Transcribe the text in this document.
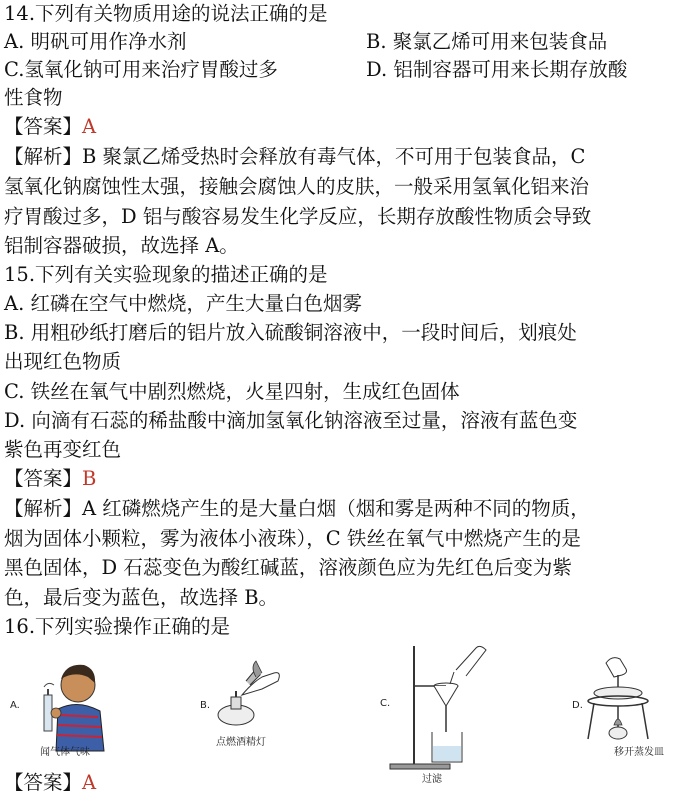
14.下列有关物质用途的说法正确的是
A. 明矾可用作净水剂	B. 聚氯乙烯可用来包装食品
C.氢氧化钠可用来治疗胃酸过多	D. 铝制容器可用来长期存放酸
性食物
【答案】A
【解析】B 聚氯乙烯受热时会释放有毒气体，不可用于包装食品，C
氢氧化钠腐蚀性太强，接触会腐蚀人的皮肤，一般采用氢氧化铝来治
疗胃酸过多，D 铝与酸容易发生化学反应，长期存放酸性物质会导致
铝制容器破损，故选择 A。
15.下列有关实验现象的描述正确的是
A. 红磷在空气中燃烧，产生大量白色烟雾
B. 用粗砂纸打磨后的铝片放入硫酸铜溶液中，一段时间后，划痕处
出现红色物质
C. 铁丝在氧气中剧烈燃烧，火星四射，生成红色固体
D. 向滴有石蕊的稀盐酸中滴加氢氧化钠溶液至过量，溶液有蓝色变
紫色再变红色
【答案】B
【解析】A 红磷燃烧产生的是大量白烟（烟和雾是两种不同的物质，
烟为固体小颗粒，雾为液体小液珠），C 铁丝在氧气中燃烧产生的是
黑色固体，D 石蕊变色为酸红碱蓝，溶液颜色应为先红色后变为紫
色，最后变为蓝色，故选择 B。
16.下列实验操作正确的是
A.
闻气体气味
B.
点燃酒精灯
C.
过滤
D.
移开蒸发皿
【答案】A
